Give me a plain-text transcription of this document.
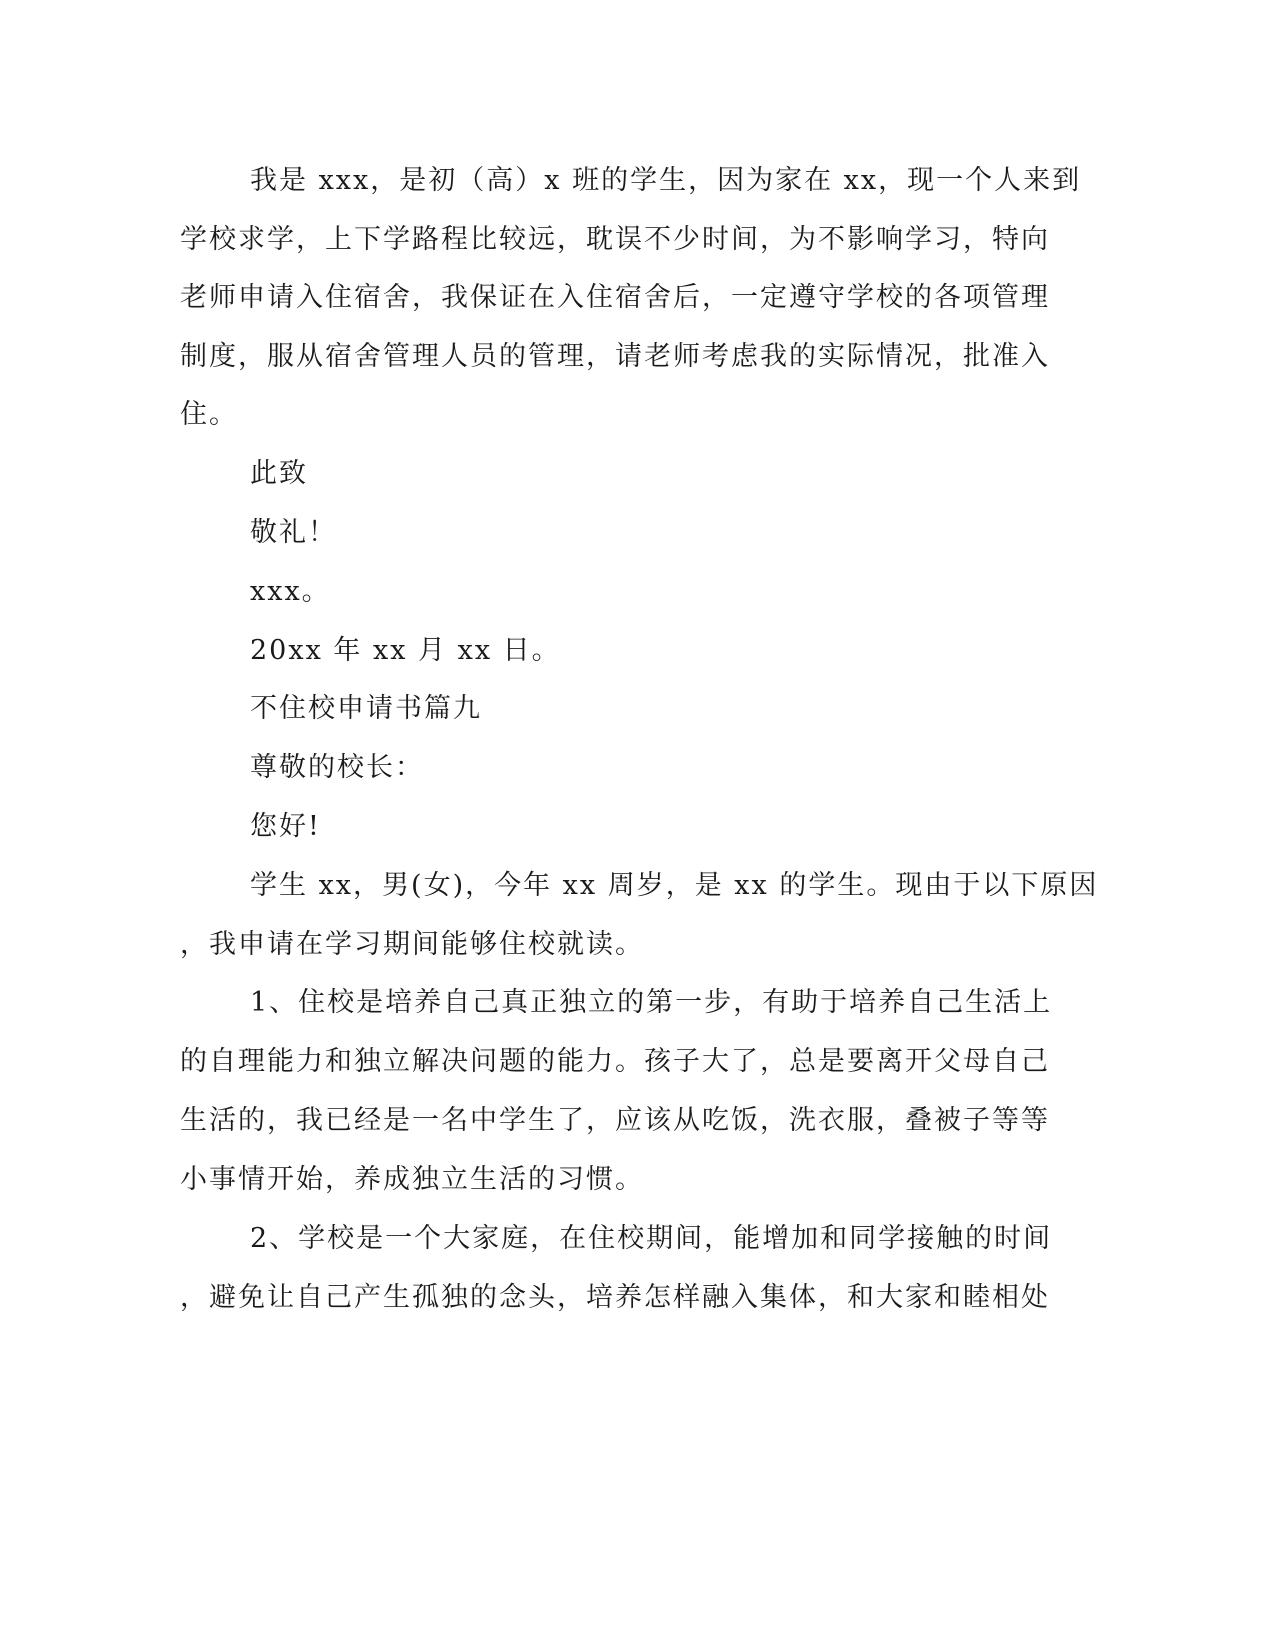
我是 xxx，是初（高）x 班的学生，因为家在 xx，现一个人来到
学校求学，上下学路程比较远，耽误不少时间，为不影响学习，特向
老师申请入住宿舍，我保证在入住宿舍后，一定遵守学校的各项管理
制度，服从宿舍管理人员的管理，请老师考虑我的实际情况，批准入
住。
此致
敬礼！
xxx。
20xx 年 xx 月 xx 日。
不住校申请书篇九
尊敬的校长：
您好!
学生 xx，男(女)，今年 xx 周岁，是 xx 的学生。现由于以下原因
，我申请在学习期间能够住校就读。
1、住校是培养自己真正独立的第一步，有助于培养自己生活上
的自理能力和独立解决问题的能力。孩子大了，总是要离开父母自己
生活的，我已经是一名中学生了，应该从吃饭，洗衣服，叠被子等等
小事情开始，养成独立生活的习惯。
2、学校是一个大家庭，在住校期间，能增加和同学接触的时间
，避免让自己产生孤独的念头，培养怎样融入集体，和大家和睦相处
